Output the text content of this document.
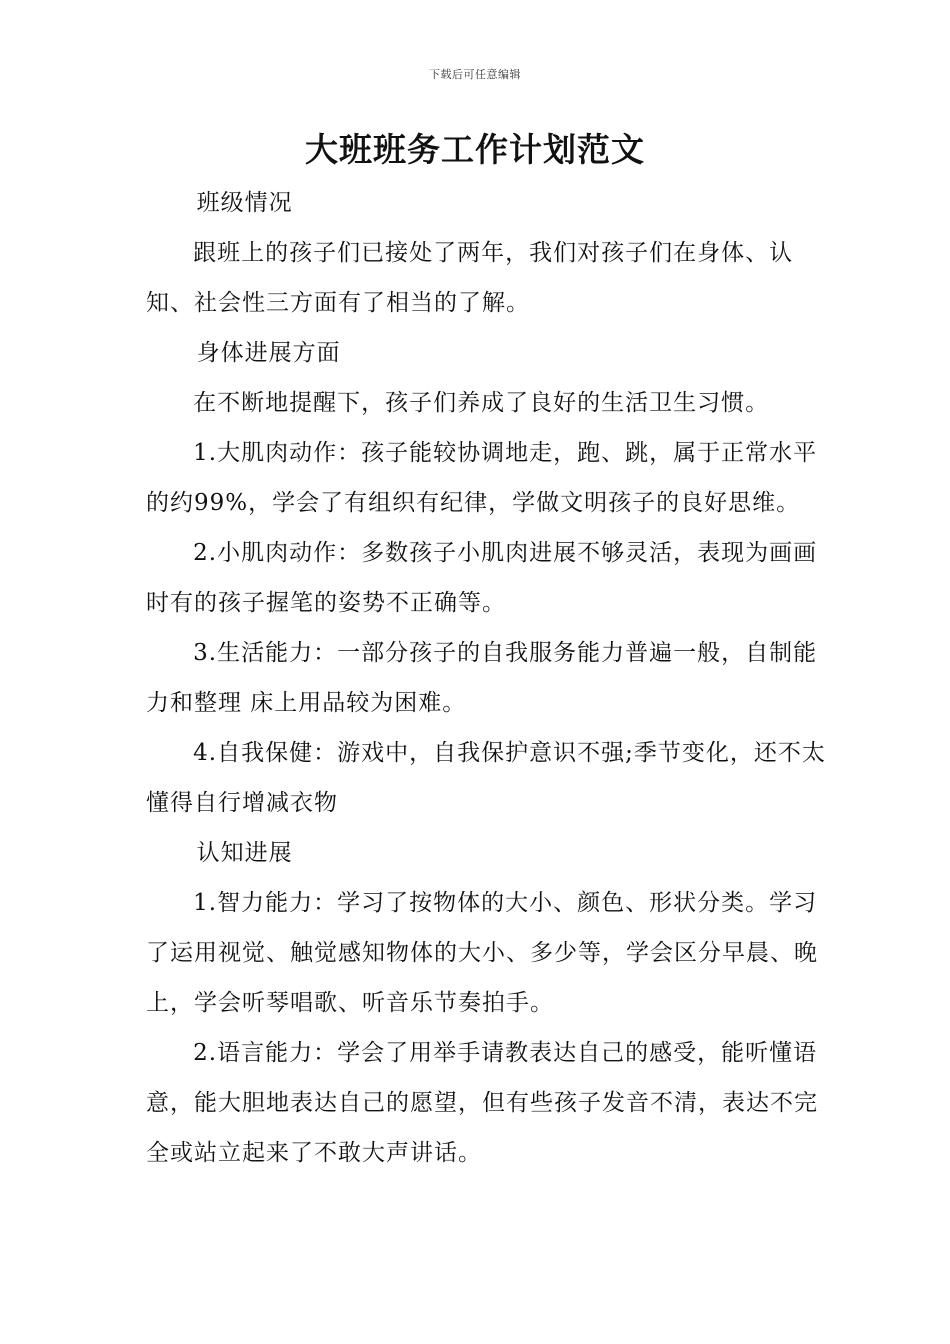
下载后可任意编辑
大班班务工作计划范文

班级情况

跟班上的孩子们已接处了两年，我们对孩子们在身体、认知、社会性三方面有了相当的了解。

身体进展方面

在不断地提醒下，孩子们养成了良好的生活卫生习惯。

1.大肌肉动作：孩子能较协调地走，跑、跳，属于正常水平的约99%，学会了有组织有纪律，学做文明孩子的良好思维。

2.小肌肉动作：多数孩子小肌肉进展不够灵活，表现为画画时有的孩子握笔的姿势不正确等。

3.生活能力：一部分孩子的自我服务能力普遍一般，自制能力和整理 床上用品较为困难。

4.自我保健：游戏中，自我保护意识不强;季节变化，还不太懂得自行增减衣物

认知进展

1.智力能力：学习了按物体的大小、颜色、形状分类。学习了运用视觉、触觉感知物体的大小、多少等，学会区分早晨、晚上，学会听琴唱歌、听音乐节奏拍手。

2.语言能力：学会了用举手请教表达自己的感受，能听懂语意，能大胆地表达自己的愿望，但有些孩子发音不清，表达不完全或站立起来了不敢大声讲话。
